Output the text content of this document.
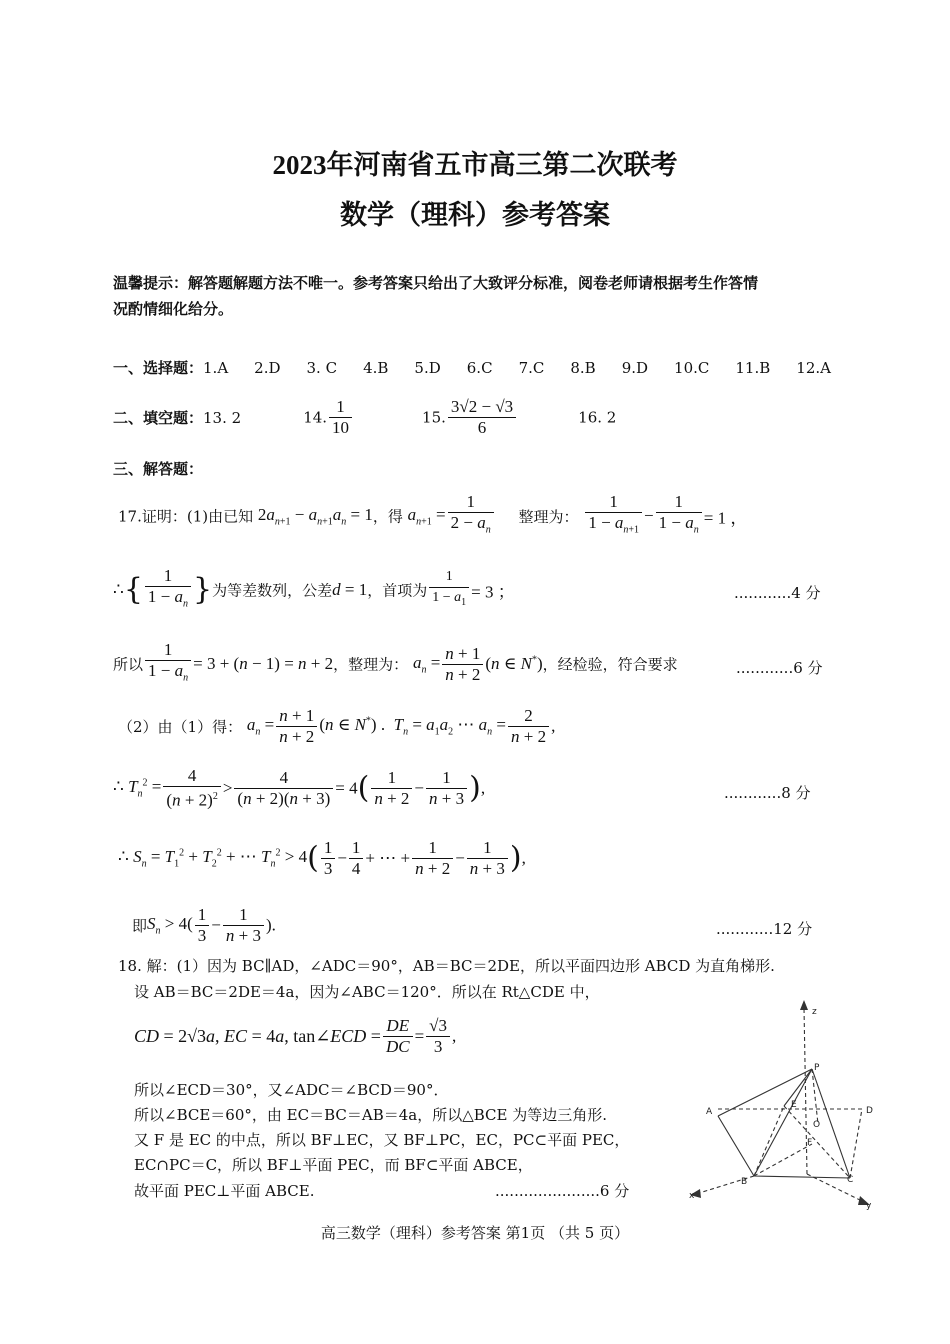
2023年河南省五市高三第二次联考
数学（理科）参考答案
温馨提示：解答题解题方法不唯一。参考答案只给出了大致评分标准，阅卷老师请根据考生作答情
况酌情细化给分。
一、选择题：1.A 2.D 3. C 4.B 5.D 6.C 7.C 8.B 9.D 10.C 11.B 12.A
二、填空题：13. 2	14. $\frac{1}{10}$	15. $\frac{3√2 - √3}{6}$	16. 2
三、解答题：
17.证明：(1)由已知 $2a_{n+1} - a_{n+1}a_n = 1$，得 $a_{n+1} = \frac{1}{2 - a_n}$ 整理为： $\frac{1}{1 - a_{n+1}} - \frac{1}{1 - a_n} = 1$ ，
∴{ $\frac{1}{1 - a_n}$ }为等差数列，公差d = 1，首项为 $\frac{1}{1 - a_1} = 3$ ；	............4 分
所以 $\frac{1}{1 - a_n} = 3 + (n - 1) = n + 2$，整理为： $a_n = \frac{n + 1}{n + 2} (n$ ∈ N*)，经检验，符合要求	............6 分
（2）由（1）得： $a_n = \frac{n + 1}{n + 2} (n$ ∈ N*) .  $T_n = a_1a_2$ ⋯ $a_n = \frac{2}{n + 2}$ ,
∴ $T_n^2 = \frac{4}{(n + 2)^2} > \frac{4}{(n + 2)(n + 3)} = 4( \frac{1}{n + 2} - \frac{1}{n + 3}$ ),	............8 分
∴ $S_n = T_1^2 + T_2^2$ + ⋯ $T_n^2 > 4( \frac{1}{3} - \frac{1}{4}$ + ⋯ + $\frac{1}{n + 2} - \frac{1}{n + 3}$ ),
即$S_n > 4( \frac{1}{3} - \frac{1}{n + 3}$ ).	............12 分
18. 解：(1）因为 BC∥AD，∠ADC＝90°，AB＝BC＝2DE，所以平面四边形 ABCD 为直角梯形.
设 AB＝BC＝2DE＝4a，因为∠ABC＝120°．所以在 Rt△CDE 中，
CD = 2√3a, EC = 4a, tan∠ECD = $\frac{DE}{DC} = \frac{√3}{3}$ ,
所以∠ECD＝30°，又∠ADC＝∠BCD＝90°．
所以∠BCE＝60°，由 EC＝BC＝AB＝4a，所以△BCE 为等边三角形.
又 F 是 EC 的中点，所以 BF⊥EC，又 BF⊥PC，EC，PC⊂平面 PEC，
EC∩PC＝C，所以 BF⊥平面 PEC，而 BF⊂平面 ABCE，
故平面 PEC⊥平面 ABCE.	......................6 分
z
P
A	D
E
O
F
B	C
x
y
高三数学（理科）参考答案 第1页 （共 5 页）
